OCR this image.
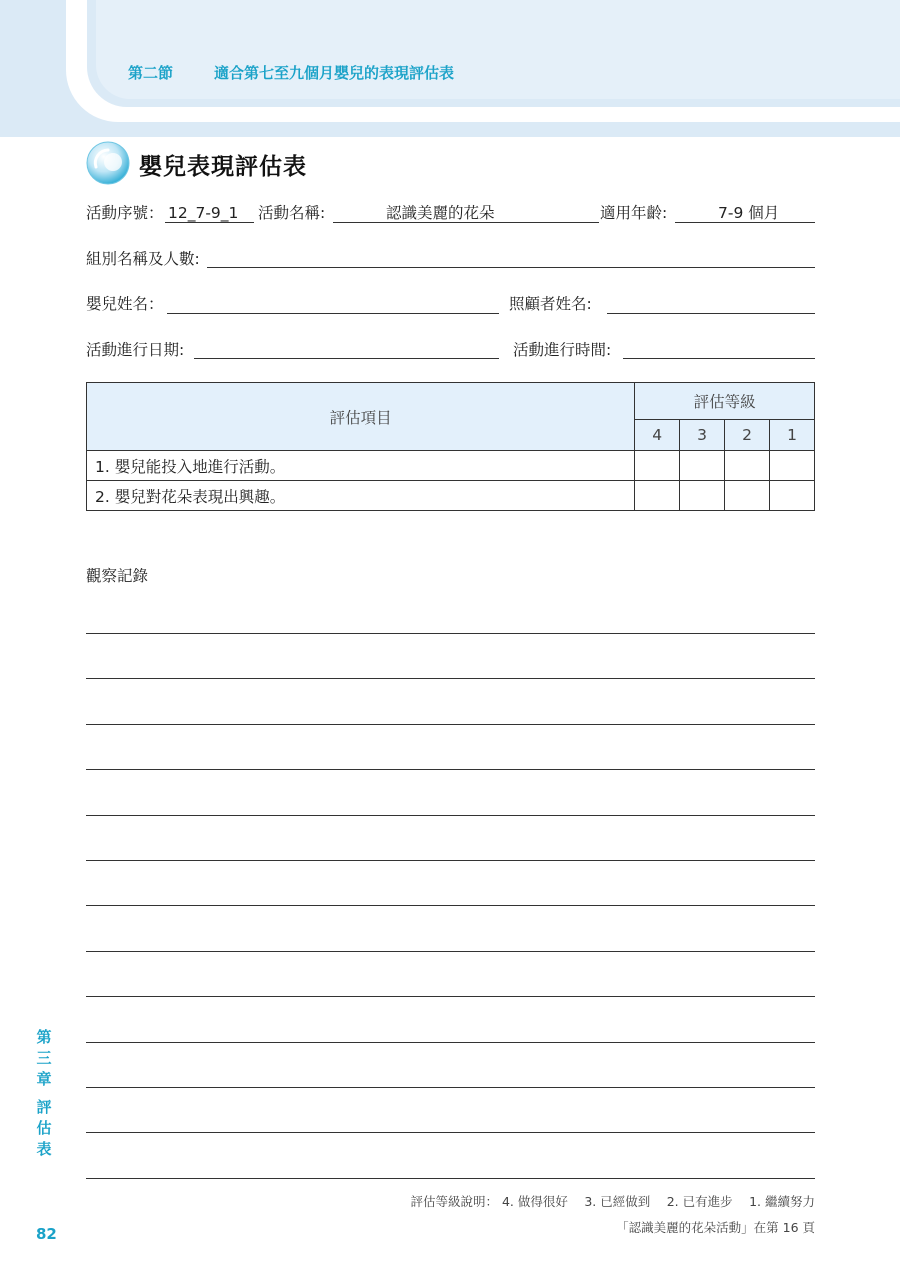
第二節	適合第七至九個月嬰兒的表現評估表
嬰兒表現評估表
活動序號： 12_7-9_1 活動名稱:	認識美麗的花朵	適用年齡:	7-9 個月
組別名稱及人數:
嬰兒姓名：	照顧者姓名:
活動進行日期:	活動進行時間:
評估項目	評估等級			
	4	3	2	1
1. 嬰兒能投入地進行活動。				
2. 嬰兒對花朵表現出興趣。				
觀察記錄
第
三
章
評
估
表
82
評估等級說明： 4. 做得很好　 3. 已經做到　 2. 已有進步　 1. 繼續努力
「認識美麗的花朵活動」在第 16 頁
